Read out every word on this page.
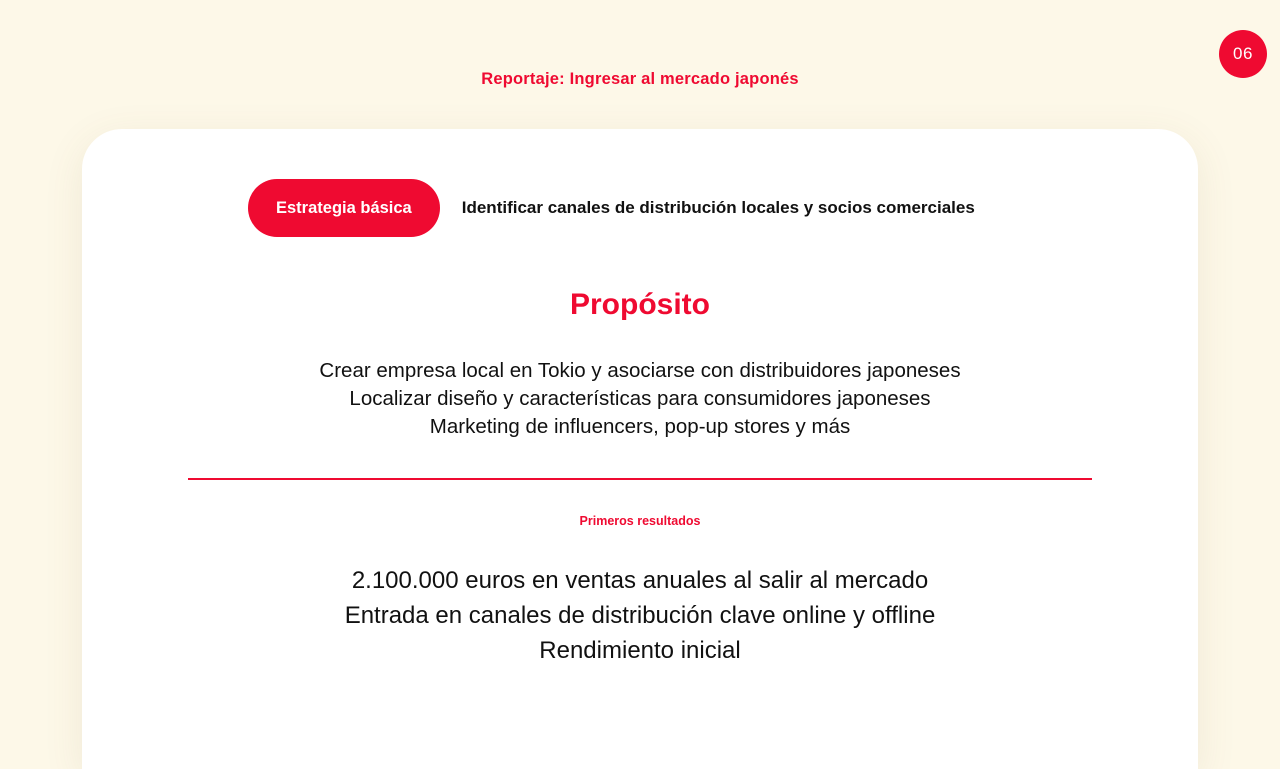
06
Reportaje: Ingresar al mercado japonés
Estrategia básica	Identificar canales de distribución locales y socios comerciales
Propósito
Crear empresa local en Tokio y asociarse con distribuidores japoneses
Localizar diseño y características para consumidores japoneses
Marketing de influencers, pop-up stores y más
Primeros resultados
2.100.000 euros en ventas anuales al salir al mercado
Entrada en canales de distribución clave online y offline
Rendimiento inicial
